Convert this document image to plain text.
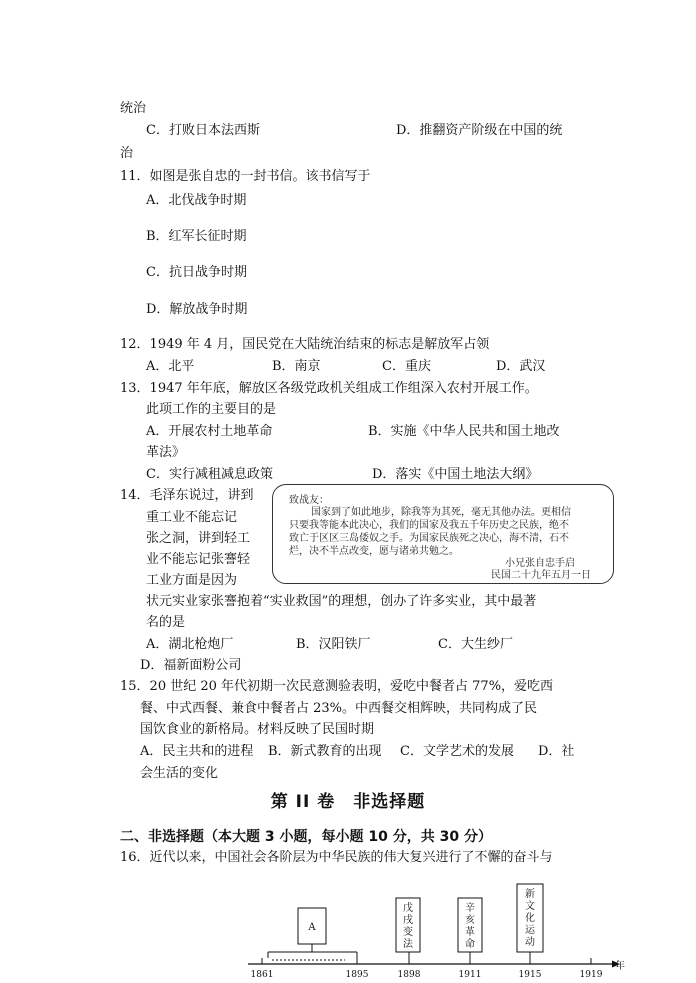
统治
C．打败日本法西斯	D．推翻资产阶级在中国的统
治
11．如图是张自忠的一封书信。该书信写于
A．北伐战争时期
B．红军长征时期
C．抗日战争时期
D．解放战争时期
12．1949 年 4 月，国民党在大陆统治结束的标志是解放军占领
A．北平	B．南京	C．重庆	D．武汉
13．1947 年年底，解放区各级党政机关组成工作组深入农村开展工作。
此项工作的主要目的是
A．开展农村土地革命	B．实施《中华人民共和国土地改
革法》
C．实行减租减息政策	D．落实《中国土地法大纲》
14．毛泽东说过，讲到
重工业不能忘记
张之洞，讲到轻工
业不能忘记张謇轻
工业方面是因为
致战友：
国家到了如此地步，除我等为其死，毫无其他办法。更相信
只要我等能本此决心，我们的国家及我五千年历史之民族，绝不
致亡于区区三岛倭奴之手。为国家民族死之决心，海不清，石不
烂，决不半点改变，愿与诸弟共勉之。
小兄张自忠手启
民国二十九年五月一日
状元实业家张謇抱着“实业救国”的理想，创办了许多实业，其中最著
名的是
A．湖北枪炮厂	B．汉阳铁厂	C．大生纱厂
D．福新面粉公司
15．20 世纪 20 年代初期一次民意测验表明，爱吃中餐者占 77%，爱吃西
餐、中式西餐、兼食中餐者占 23%。中西餐交相辉映，共同构成了民
国饮食业的新格局。材料反映了民国时期
A．民主共和的进程 B．新式教育的出现 C．文学艺术的发展 D．社
会生活的变化
第 II 卷　非选择题
二、非选择题（本大题 3 小题，每小题 10 分，共 30 分）
16．近代以来，中国社会各阶层为中华民族的伟大复兴进行了不懈的奋斗与
年
1861	1895	1898	1911	1915	1919
A
戊
戌
变
法
辛
亥
革
命
新
文
化
运
动
